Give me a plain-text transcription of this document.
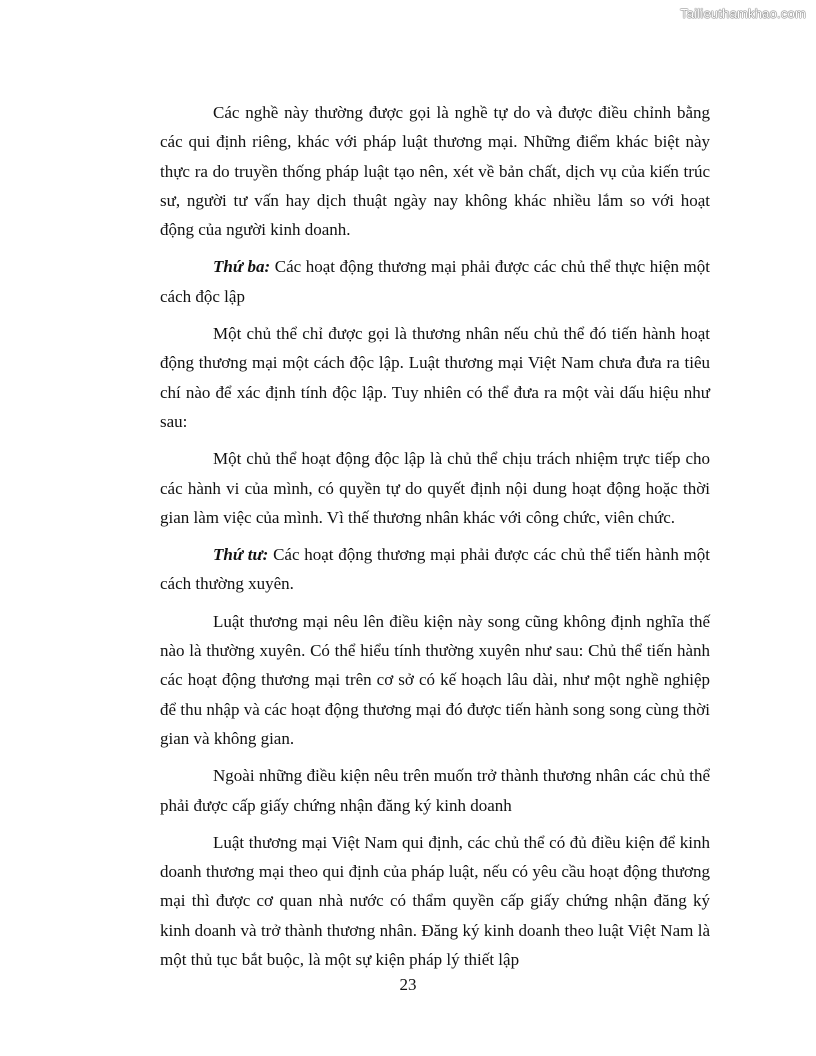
Tailieuthamkhao.com

Các nghề này thường được gọi là nghề tự do và được điều chỉnh bằng các qui định riêng, khác với pháp luật thương mại. Những điểm khác biệt này thực ra do truyền thống pháp luật tạo nên, xét về bản chất, dịch vụ của kiến trúc sư, người tư vấn hay dịch thuật ngày nay không khác nhiều lắm so với hoạt động của người kinh doanh.

Thứ ba: Các hoạt động thương mại phải được các chủ thể thực hiện một cách độc lập

Một chủ thể chỉ được gọi là thương nhân nếu chủ thể đó tiến hành hoạt động thương mại một cách độc lập. Luật thương mại Việt Nam chưa đưa ra tiêu chí nào để xác định tính độc lập. Tuy nhiên có thể đưa ra một vài dấu hiệu như sau:

Một chủ thể hoạt động độc lập là chủ thể chịu trách nhiệm trực tiếp cho các hành vi của mình, có quyền tự do quyết định nội dung hoạt động hoặc thời gian làm việc của mình. Vì thế thương nhân khác với công chức, viên chức.

Thứ tư: Các hoạt động thương mại phải được các chủ thể tiến hành một cách thường xuyên.

Luật thương mại nêu lên điều kiện này song cũng không định nghĩa thế nào là thường xuyên. Có thể hiểu tính thường xuyên như sau: Chủ thể tiến hành các hoạt động thương mại trên cơ sở có kế hoạch lâu dài, như một nghề nghiệp để thu nhập và các hoạt động thương mại đó được tiến hành song song cùng thời gian và không gian.

Ngoài những điều kiện nêu trên muốn trở thành thương nhân các chủ thể phải được cấp giấy chứng nhận đăng ký kinh doanh

Luật thương mại Việt Nam qui định, các chủ thể có đủ điều kiện để kinh doanh thương mại theo qui định của pháp luật, nếu có yêu cầu hoạt động thương mại thì được cơ quan nhà nước có thẩm quyền cấp giấy chứng nhận đăng ký kinh doanh và trở thành thương nhân. Đăng ký kinh doanh theo luật Việt Nam là một thủ tục bắt buộc, là một sự kiện pháp lý thiết lập

23
